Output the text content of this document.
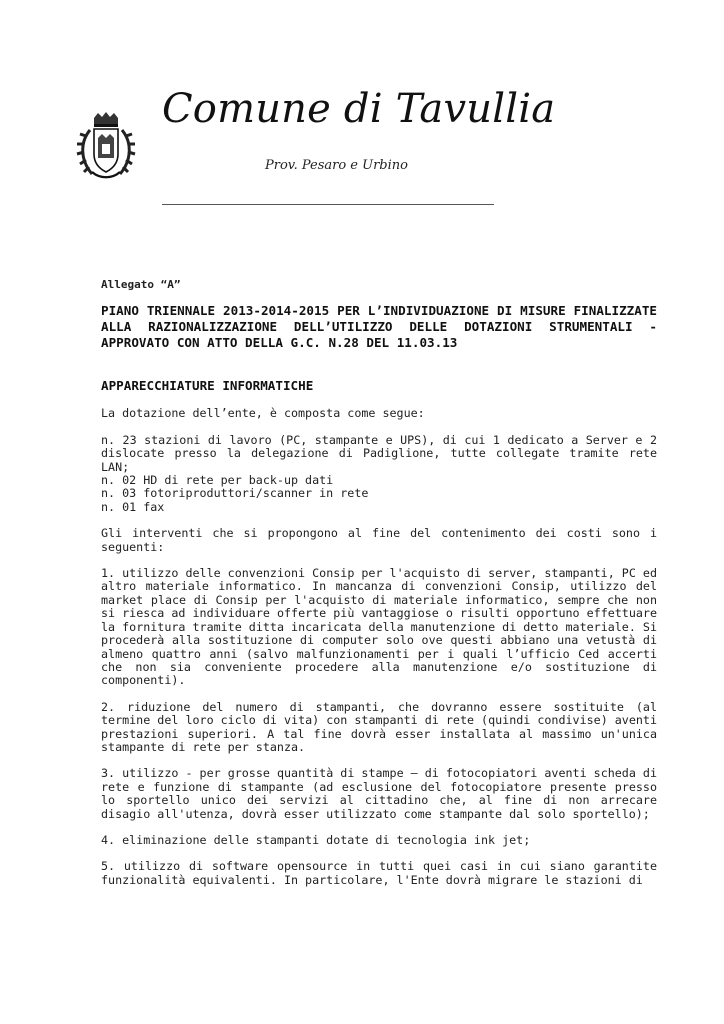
Comune di Tavullia
Prov. Pesaro e Urbino

Allegato “A”

PIANO TRIENNALE 2013-2014-2015 PER L’INDIVIDUAZIONE DI MISURE FINALIZZATE ALLA RAZIONALIZZAZIONE DELL’UTILIZZO DELLE DOTAZIONI STRUMENTALI - APPROVATO CON ATTO DELLA G.C. N.28 DEL 11.03.13

APPARECCHIATURE INFORMATICHE

La dotazione dell’ente, è composta come segue:

n. 23 stazioni di lavoro (PC, stampante e UPS), di cui 1 dedicato a Server e 2 dislocate presso la delegazione di Padiglione, tutte collegate tramite rete LAN;

n. 02 HD di rete per back-up dati

n. 03 fotoriproduttori/scanner in rete

n. 01 fax

Gli interventi che si propongono al fine del contenimento dei costi sono i seguenti:

1. utilizzo delle convenzioni Consip per l'acquisto di server, stampanti, PC ed altro materiale informatico. In mancanza di convenzioni Consip, utilizzo del market place di Consip per l'acquisto di materiale informatico, sempre che non si riesca ad individuare offerte più vantaggiose o risulti opportuno effettuare la fornitura tramite ditta incaricata della manutenzione di detto materiale. Si procederà alla sostituzione di computer solo ove questi abbiano una vetustà di almeno quattro anni (salvo malfunzionamenti per i quali l’ufficio Ced accerti che non sia conveniente procedere alla manutenzione e/o sostituzione di componenti).

2. riduzione del numero di stampanti, che dovranno essere sostituite (al termine del loro ciclo di vita) con stampanti di rete (quindi condivise) aventi prestazioni superiori. A tal fine dovrà esser installata al massimo un'unica stampante di rete per stanza.

3. utilizzo - per grosse quantità di stampe – di fotocopiatori aventi scheda di rete e funzione di stampante (ad esclusione del fotocopiatore presente presso lo sportello unico dei servizi al cittadino che, al fine di non arrecare disagio all'utenza, dovrà esser utilizzato come stampante dal solo sportello);

4. eliminazione delle stampanti dotate di tecnologia ink jet;

5. utilizzo di software opensource in tutti quei casi in cui siano garantite funzionalità equivalenti. In particolare, l'Ente dovrà migrare le stazioni di
